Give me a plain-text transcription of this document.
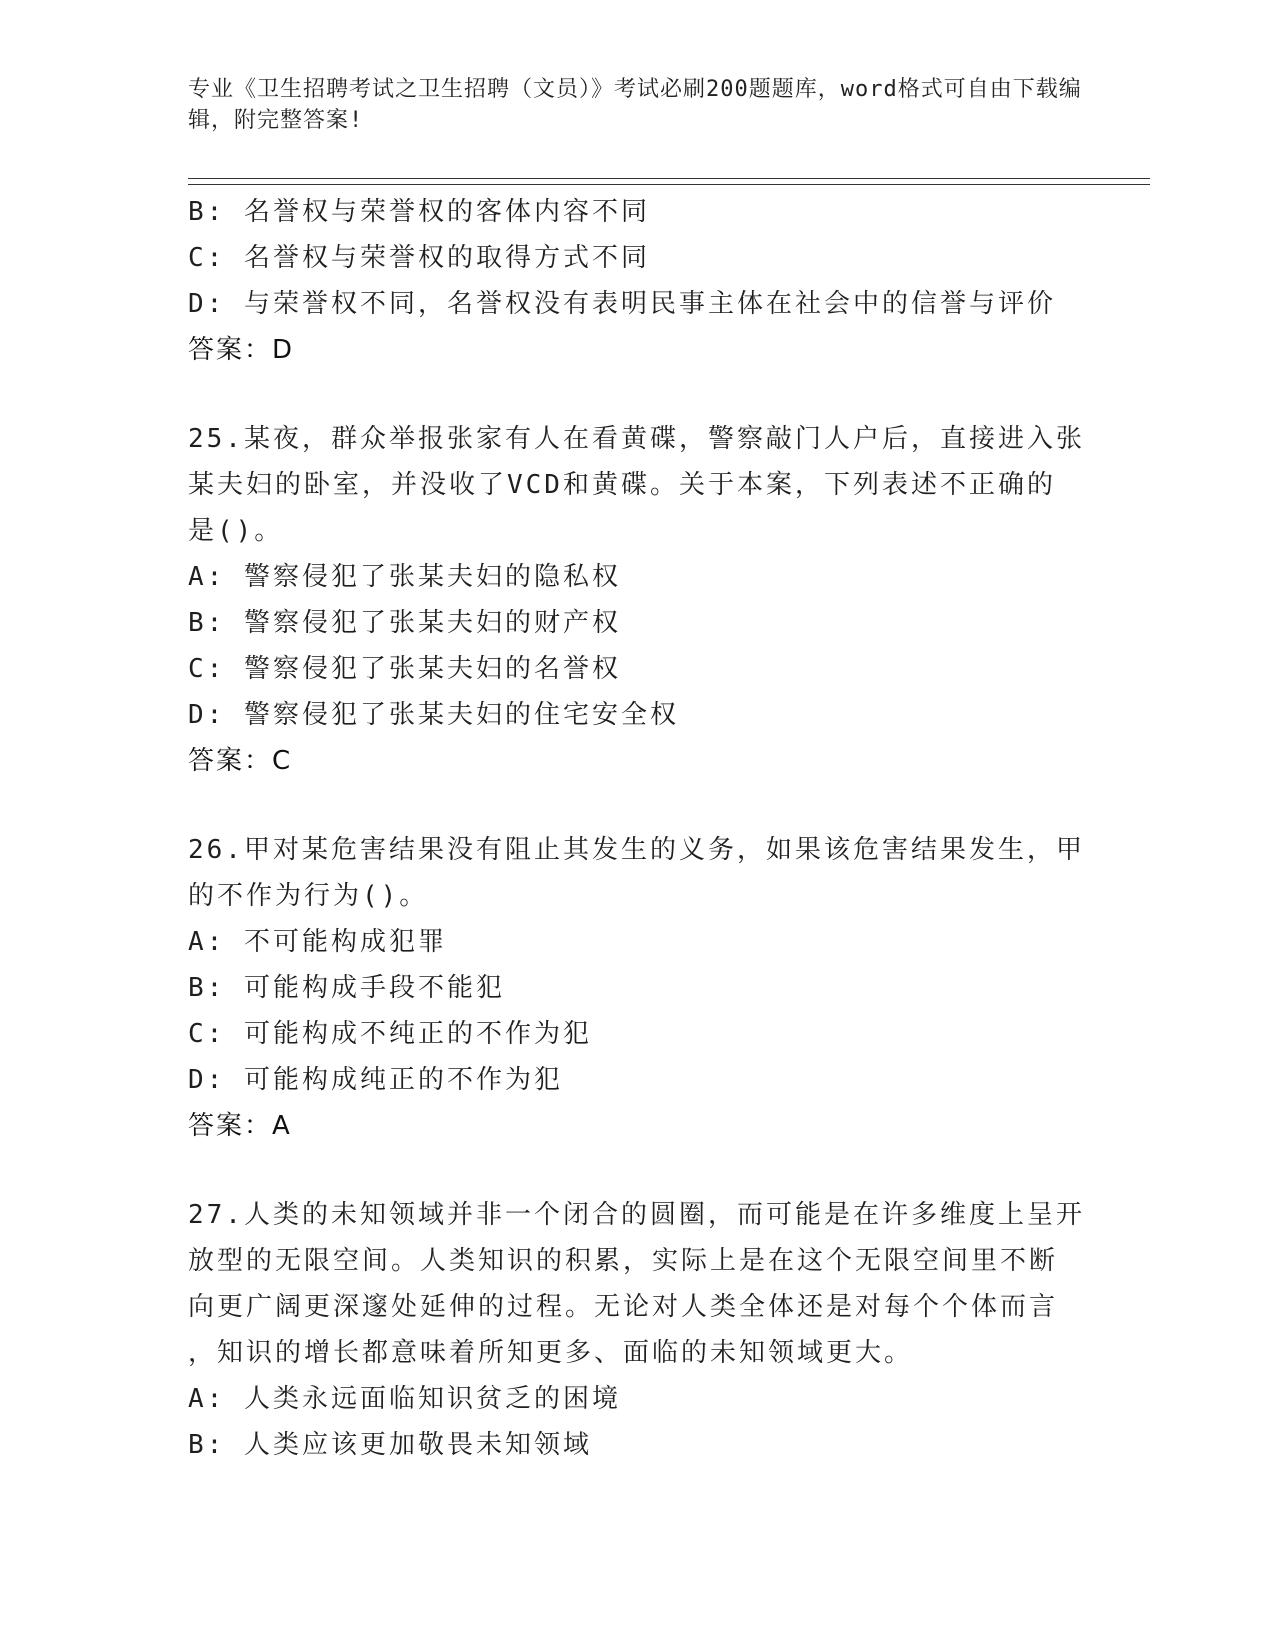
专业《卫生招聘考试之卫生招聘（文员）》考试必刷200题题库，word格式可自由下载编辑，附完整答案!
B: 名誉权与荣誉权的客体内容不同
C: 名誉权与荣誉权的取得方式不同
D: 与荣誉权不同，名誉权没有表明民事主体在社会中的信誉与评价
答案：D
25.某夜，群众举报张家有人在看黄碟，警察敲门人户后，直接进入张
某夫妇的卧室，并没收了VCD和黄碟。关于本案，下列表述不正确的
是()。
A: 警察侵犯了张某夫妇的隐私权
B: 警察侵犯了张某夫妇的财产权
C: 警察侵犯了张某夫妇的名誉权
D: 警察侵犯了张某夫妇的住宅安全权
答案：C
26.甲对某危害结果没有阻止其发生的义务，如果该危害结果发生，甲
的不作为行为()。
A: 不可能构成犯罪
B: 可能构成手段不能犯
C: 可能构成不纯正的不作为犯
D: 可能构成纯正的不作为犯
答案：A
27.人类的未知领域并非一个闭合的圆圈，而可能是在许多维度上呈开
放型的无限空间。人类知识的积累，实际上是在这个无限空间里不断
向更广阔更深邃处延伸的过程。无论对人类全体还是对每个个体而言
，知识的增长都意味着所知更多、面临的未知领域更大。
A: 人类永远面临知识贫乏的困境
B: 人类应该更加敬畏未知领域
